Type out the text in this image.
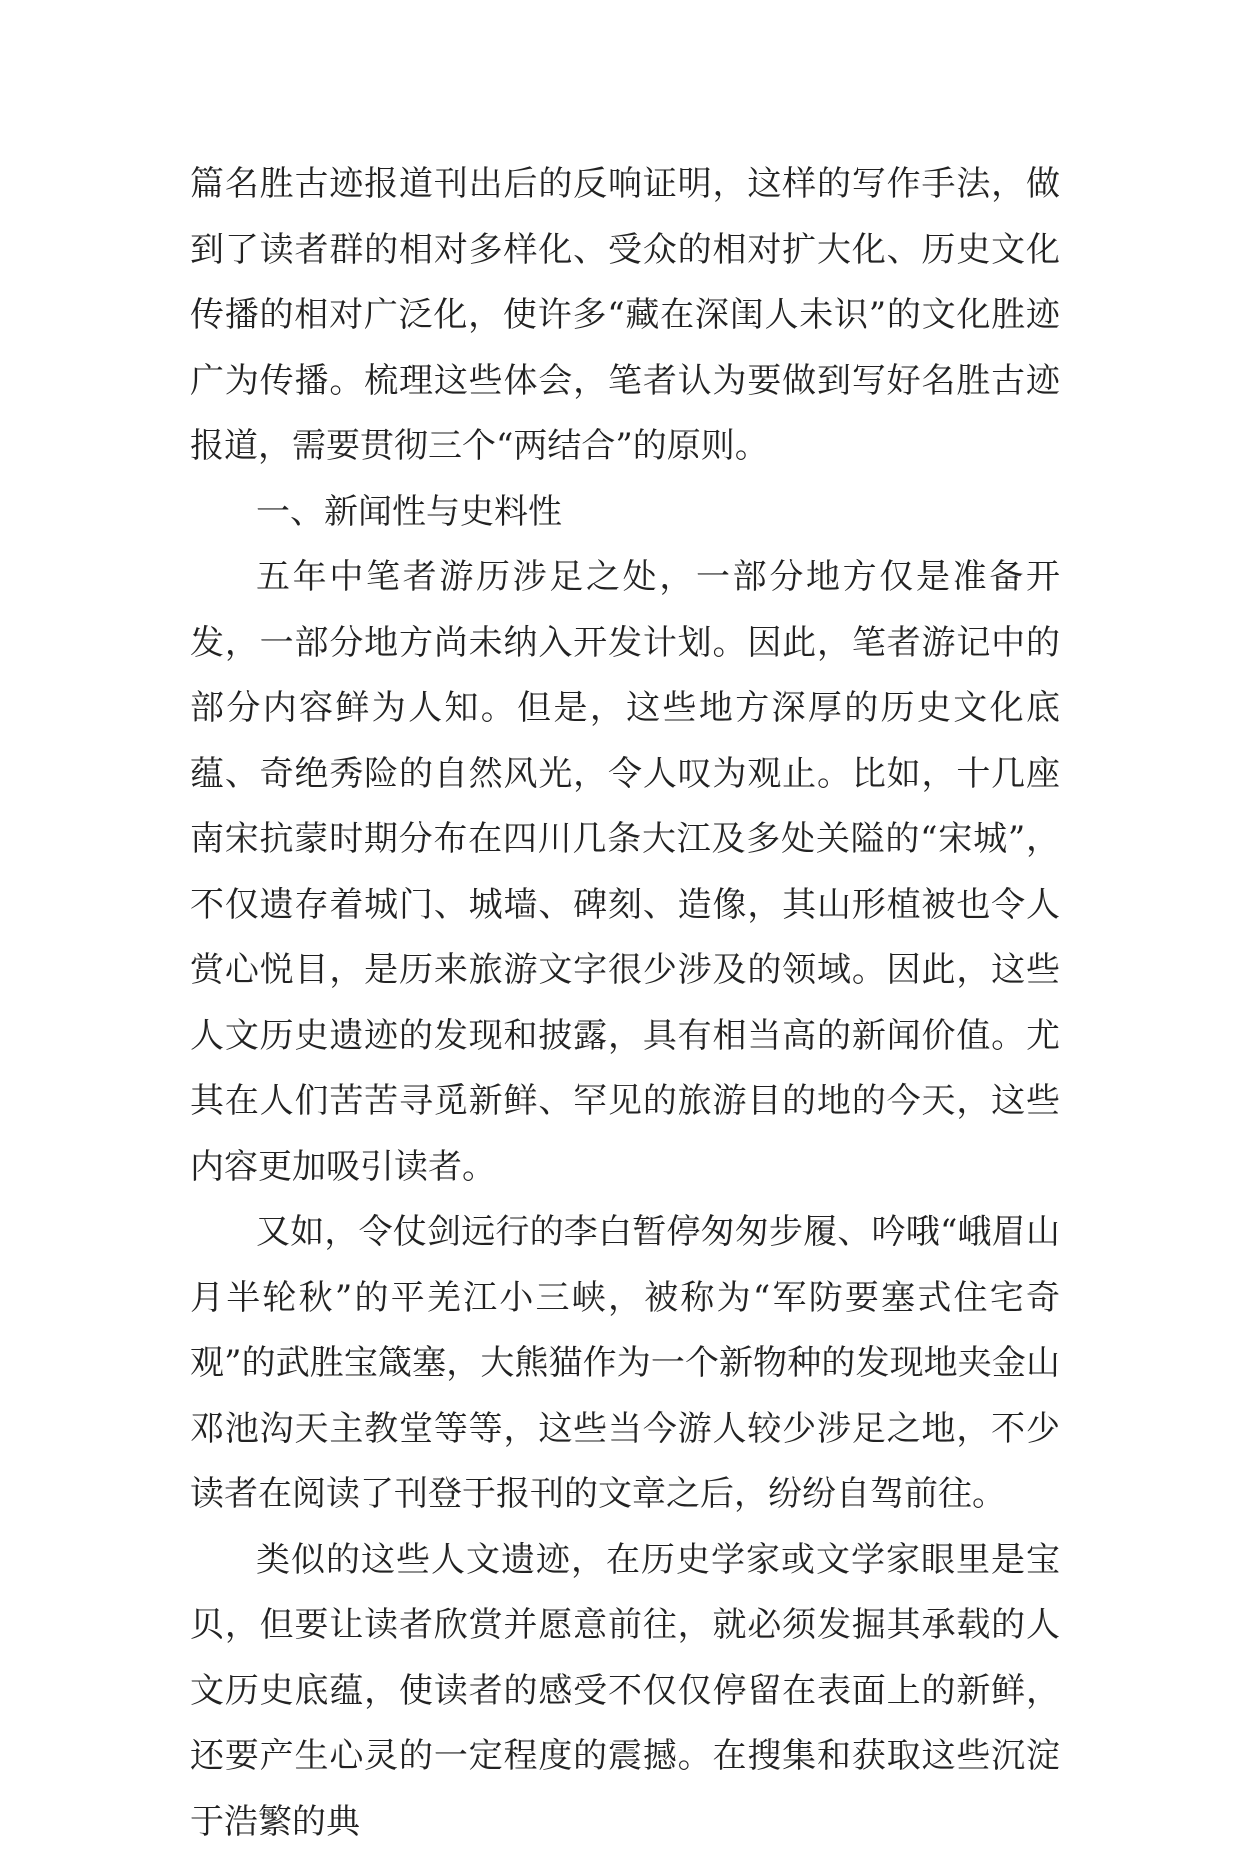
篇名胜古迹报道刊出后的反响证明，这样的写作手法，做到了读者群的相对多样化、受众的相对扩大化、历史文化传播的相对广泛化，使许多“藏在深闺人未识”的文化胜迹广为传播。梳理这些体会，笔者认为要做到写好名胜古迹报道，需要贯彻三个“两结合”的原则。

一、新闻性与史料性

五年中笔者游历涉足之处，一部分地方仅是准备开发，一部分地方尚未纳入开发计划。因此，笔者游记中的部分内容鲜为人知。但是，这些地方深厚的历史文化底蕴、奇绝秀险的自然风光，令人叹为观止。比如，十几座南宋抗蒙时期分布在四川几条大江及多处关隘的“宋城”，不仅遗存着城门、城墙、碑刻、造像，其山形植被也令人赏心悦目，是历来旅游文字很少涉及的领域。因此，这些人文历史遗迹的发现和披露，具有相当高的新闻价值。尤其在人们苦苦寻觅新鲜、罕见的旅游目的地的今天，这些内容更加吸引读者。

又如，令仗剑远行的李白暂停匆匆步履、吟哦“峨眉山月半轮秋”的平羌江小三峡，被称为“军防要塞式住宅奇观”的武胜宝箴塞，大熊猫作为一个新物种的发现地夹金山邓池沟天主教堂等等，这些当今游人较少涉足之地，不少读者在阅读了刊登于报刊的文章之后，纷纷自驾前往。

类似的这些人文遗迹，在历史学家或文学家眼里是宝贝，但要让读者欣赏并愿意前往，就必须发掘其承载的人文历史底蕴，使读者的感受不仅仅停留在表面上的新鲜，还要产生心灵的一定程度的震撼。在搜集和获取这些沉淀于浩繁的典
